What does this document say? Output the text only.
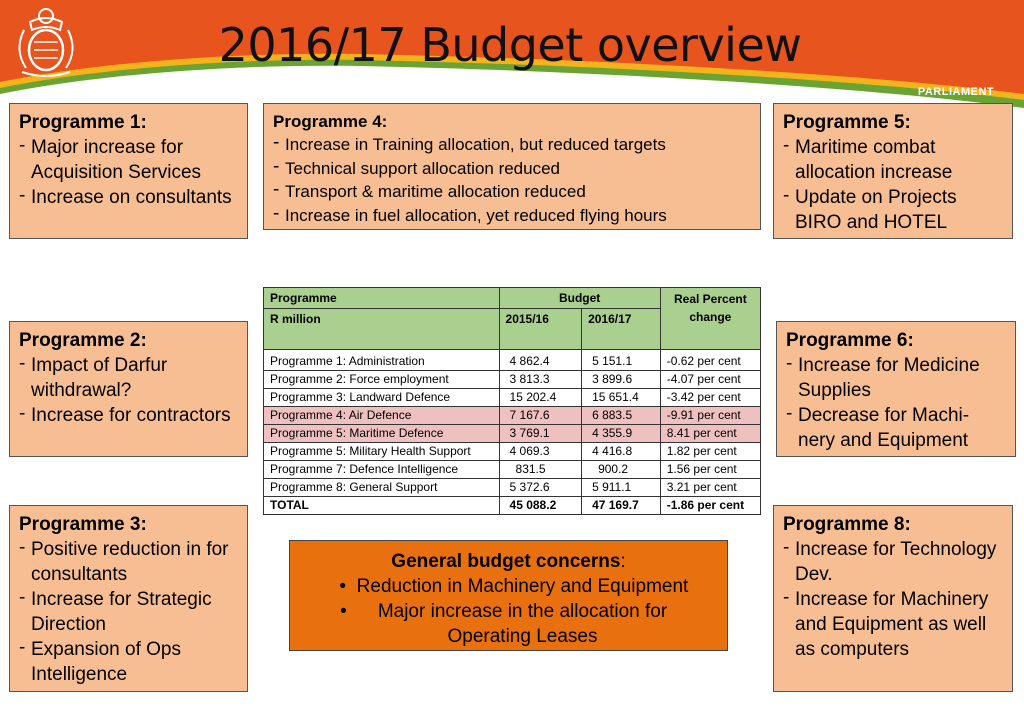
2016/17 Budget overview
PARLIAMENT
Programme 1:
- Major increase for Acquisition Services
- Increase on consultants
Programme 4:
- Increase in Training allocation, but reduced targets
- Technical support allocation reduced
- Transport & maritime allocation reduced
- Increase in fuel allocation, yet reduced flying hours
Programme 5:
- Maritime combat allocation increase
- Update on Projects BIRO and HOTEL
Programme 2:
- Impact of Darfur withdrawal?
- Increase for contractors
Programme 6:
- Increase for Medicine Supplies
- Decrease for Machi-nery and Equipment
Programme 3:
- Positive reduction in for consultants
- Increase for Strategic Direction
- Expansion of Ops Intelligence
Programme 8:
- Increase for Technology Dev.
- Increase for Machinery and Equipment as well as computers
Programme	Budget		Real Percent change
R million	2015/16	2016/17	
Programme 1: Administration	4 862.4	5 151.1	-0.62 per cent
Programme 2: Force employment	3 813.3	3 899.6	-4.07 per cent
Programme 3: Landward Defence	15 202.4	15 651.4	-3.42 per cent
Programme 4: Air Defence	7 167.6	6 883.5	-9.91 per cent
Programme 5: Maritime Defence	3 769.1	4 355.9	8.41 per cent
Programme 5: Military Health Support	4 069.3	4 416.8	1.82 per cent
Programme 7: Defence Intelligence	831.5	900.2	1.56 per cent
Programme 8: General Support	5 372.6	5 911.1	3.21 per cent
TOTAL	45 088.2	47 169.7	-1.86 per cent
General budget concerns:
• Reduction in Machinery and Equipment
• Major increase in the allocation for Operating Leases
